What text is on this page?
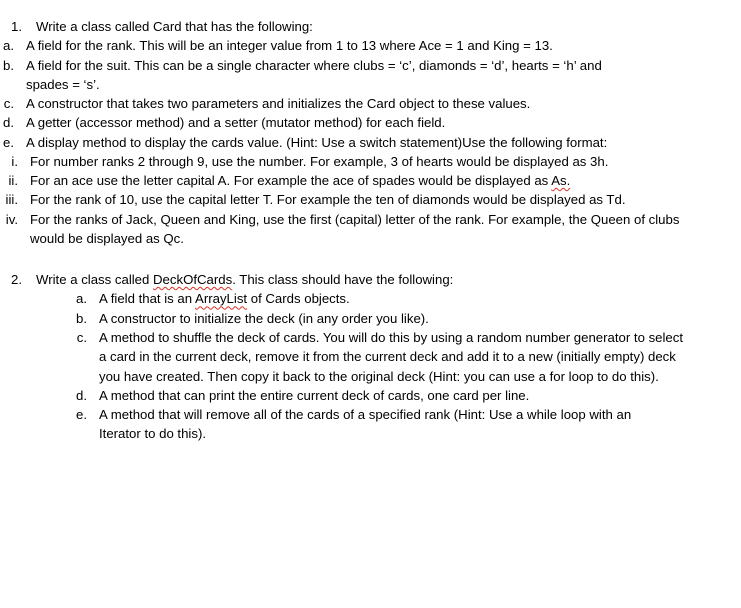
1.	Write a class called Card that has the following:
a. A field for the rank. This will be an integer value from 1 to 13 where Ace = 1 and King = 13.
b. A field for the suit. This can be a single character where clubs = ‘c’, diamonds = ‘d’, hearts = ‘h’ and spades = ‘s’.
c. A constructor that takes two parameters and initializes the Card object to these values.
d. A getter (accessor method) and a setter (mutator method) for each field.
e. A display method to display the cards value. (Hint: Use a switch statement)Use the following format:
i. For number ranks 2 through 9, use the number. For example, 3 of hearts would be displayed as 3h.
ii. For an ace use the letter capital A. For example the ace of spades would be displayed as As.
iii. For the rank of 10, use the capital letter T. For example the ten of diamonds would be displayed as Td.
iv. For the ranks of Jack, Queen and King, use the first (capital) letter of the rank. For example, the Queen of clubs would be displayed as Qc.
2.	Write a class called DeckOfCards. This class should have the following:
a. A field that is an ArrayList of Cards objects.
b. A constructor to initialize the deck (in any order you like).
c. A method to shuffle the deck of cards. You will do this by using a random number generator to select a card in the current deck, remove it from the current deck and add it to a new (initially empty) deck you have created. Then copy it back to the original deck (Hint: you can use a for loop to do this).
d. A method that can print the entire current deck of cards, one card per line.
e. A method that will remove all of the cards of a specified rank (Hint: Use a while loop with an Iterator to do this).
